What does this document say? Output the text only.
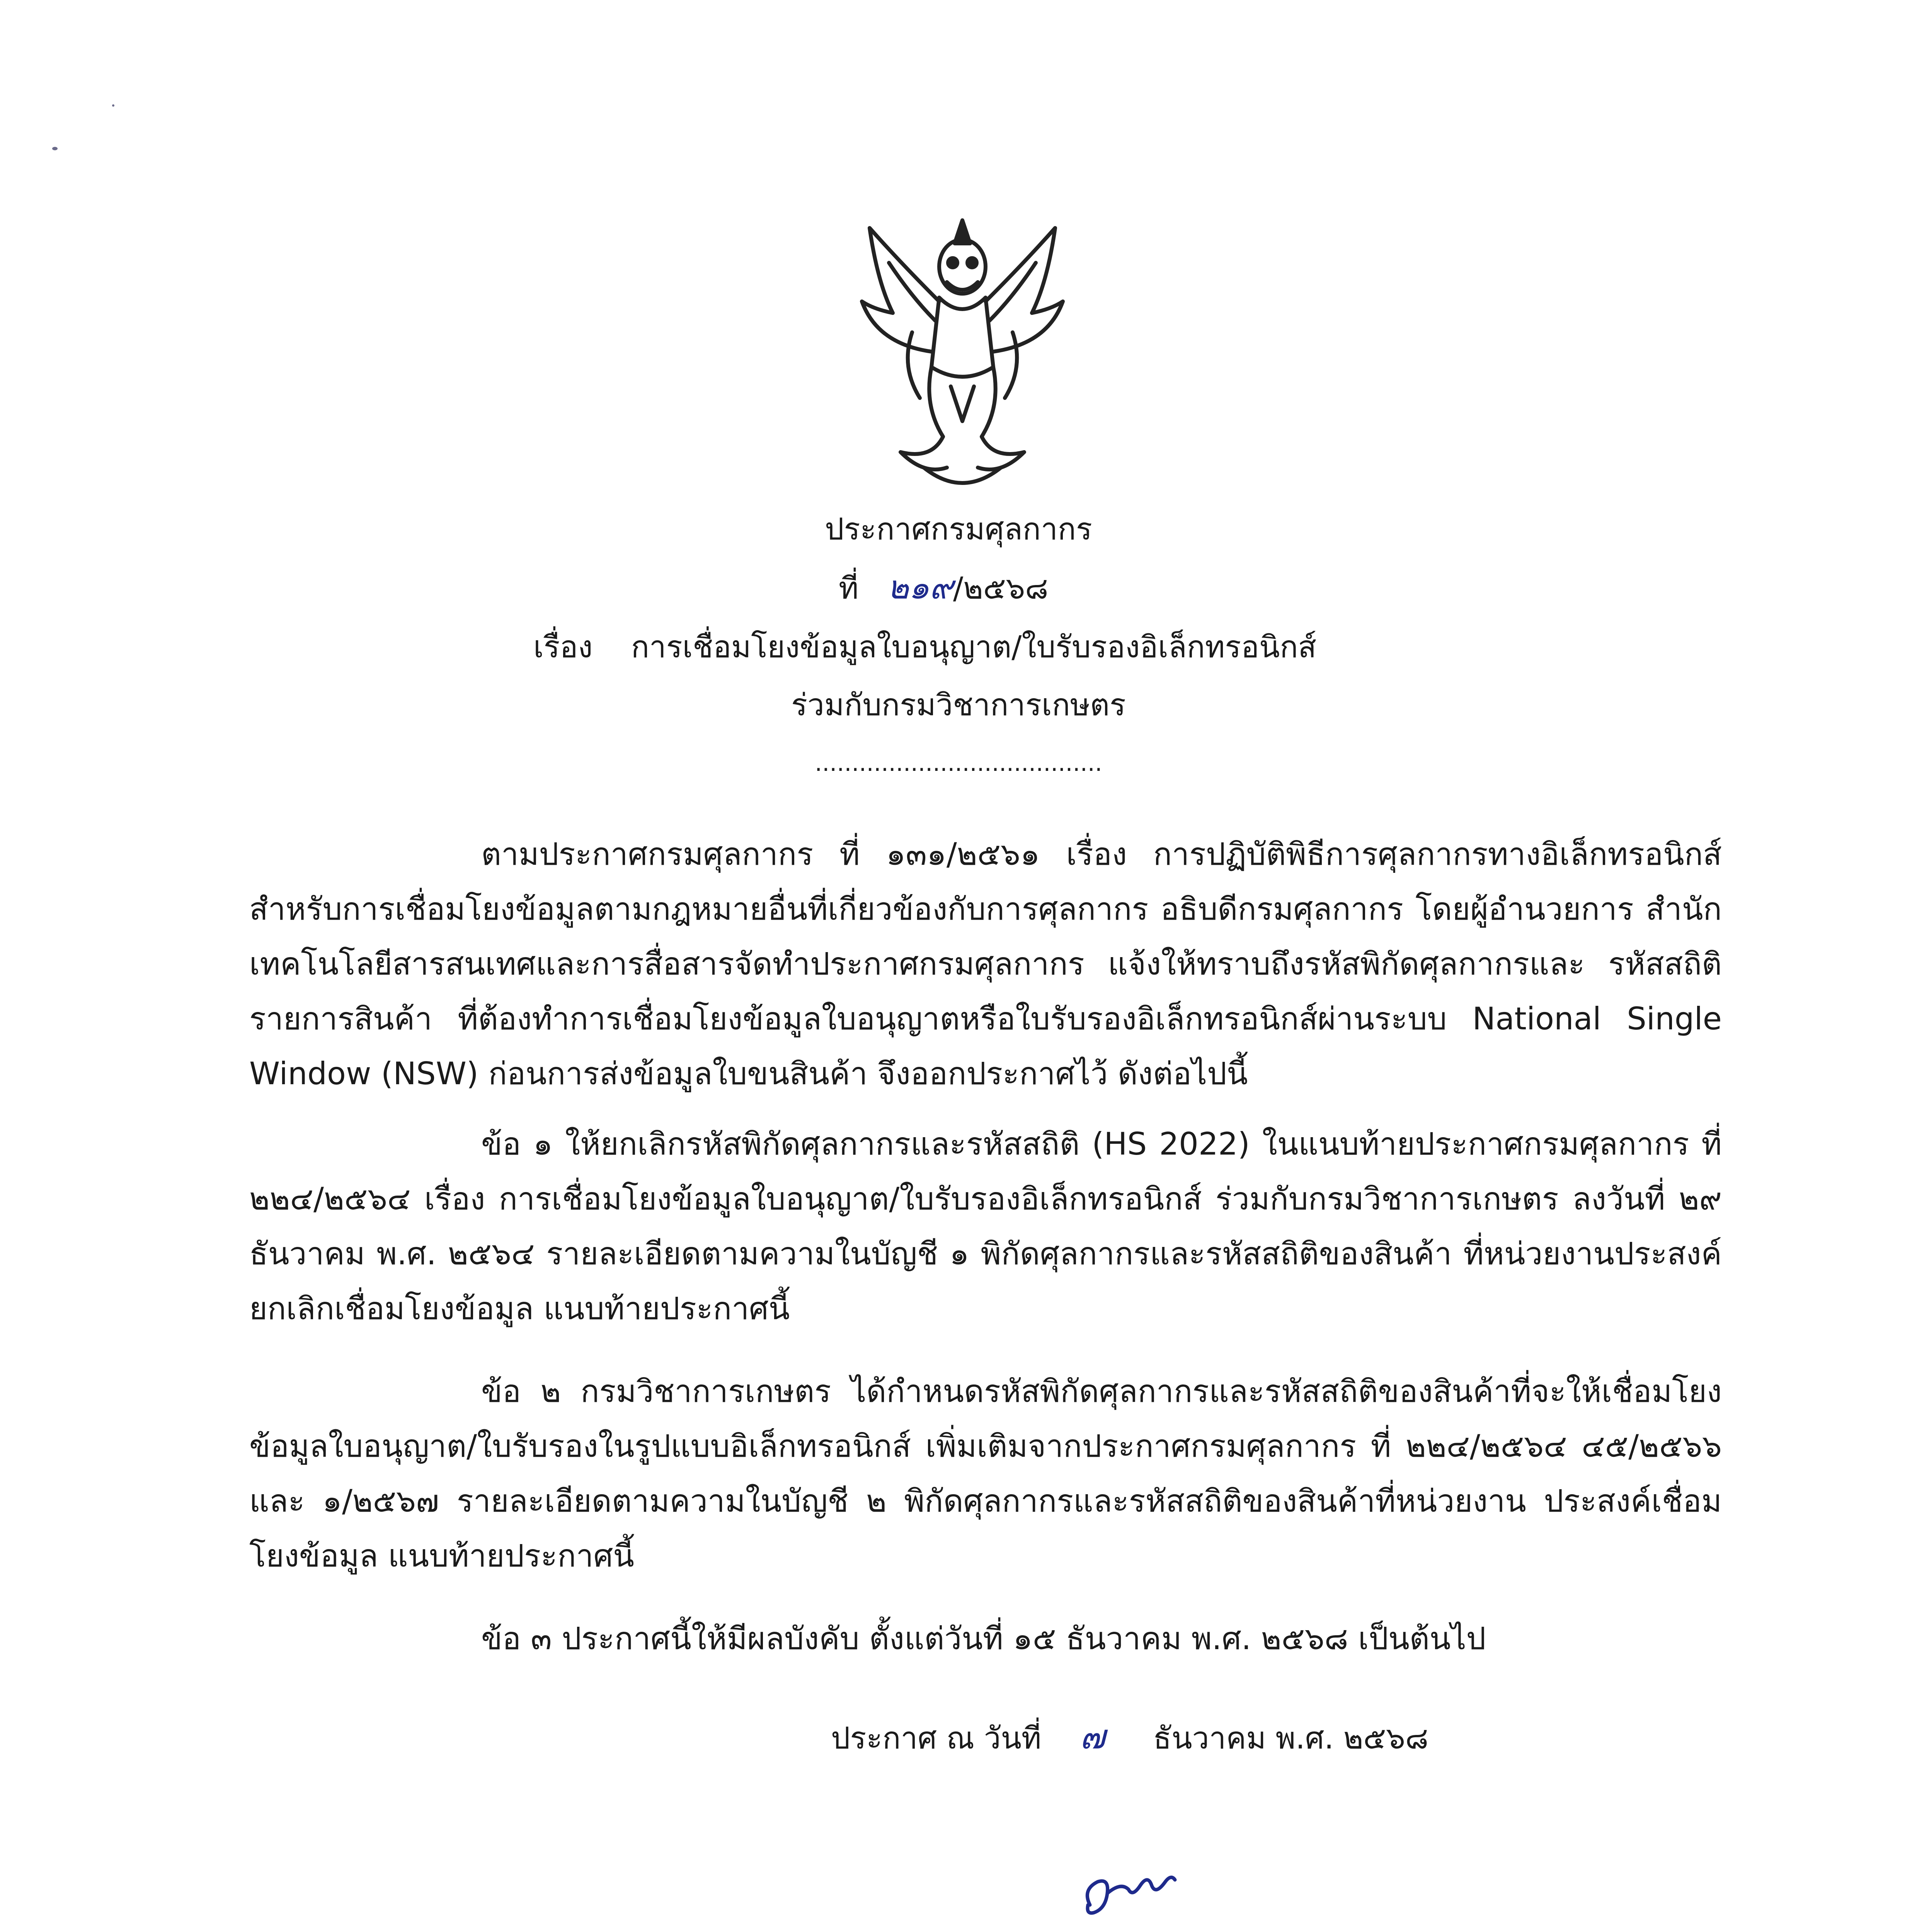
ประกาศกรมศุลกากร
ที่ ๒๑๙/๒๕๖๘
เรื่อง การเชื่อมโยงข้อมูลใบอนุญาต/ใบรับรองอิเล็กทรอนิกส์
ร่วมกับกรมวิชาการเกษตร
.......................................
ตามประกาศกรมศุลกากร ที่ ๑๓๑/๒๕๖๑ เรื่อง การปฏิบัติพิธีการศุลกากรทางอิเล็กทรอนิกส์ สำหรับการเชื่อมโยงข้อมูลตามกฎหมายอื่นที่เกี่ยวข้องกับการศุลกากร อธิบดีกรมศุลกากร โดยผู้อำนวยการ สำนักเทคโนโลยีสารสนเทศและการสื่อสารจัดทำประกาศกรมศุลกากร แจ้งให้ทราบถึงรหัสพิกัดศุลกากรและ รหัสสถิติ รายการสินค้า ที่ต้องทำการเชื่อมโยงข้อมูลใบอนุญาตหรือใบรับรองอิเล็กทรอนิกส์ผ่านระบบ National Single Window (NSW) ก่อนการส่งข้อมูลใบขนสินค้า จึงออกประกาศไว้ ดังต่อไปนี้
ข้อ ๑ ให้ยกเลิกรหัสพิกัดศุลกากรและรหัสสถิติ (HS 2022) ในแนบท้ายประกาศกรมศุลกากร ที่ ๒๒๔/๒๕๖๔ เรื่อง การเชื่อมโยงข้อมูลใบอนุญาต/ใบรับรองอิเล็กทรอนิกส์ ร่วมกับกรมวิชาการเกษตร ลงวันที่ ๒๙ ธันวาคม พ.ศ. ๒๕๖๔ รายละเอียดตามความในบัญชี ๑ พิกัดศุลกากรและรหัสสถิติของสินค้า ที่หน่วยงานประสงค์ยกเลิกเชื่อมโยงข้อมูล แนบท้ายประกาศนี้
ข้อ ๒ กรมวิชาการเกษตร ได้กำหนดรหัสพิกัดศุลกากรและรหัสสถิติของสินค้าที่จะให้เชื่อมโยง ข้อมูลใบอนุญาต/ใบรับรองในรูปแบบอิเล็กทรอนิกส์ เพิ่มเติมจากประกาศกรมศุลกากร ที่ ๒๒๔/๒๕๖๔ ๔๕/๒๕๖๖ และ ๑/๒๕๖๗ รายละเอียดตามความในบัญชี ๒ พิกัดศุลกากรและรหัสสถิติของสินค้าที่หน่วยงาน ประสงค์เชื่อมโยงข้อมูล แนบท้ายประกาศนี้
ข้อ ๓ ประกาศนี้ให้มีผลบังคับ ตั้งแต่วันที่ ๑๕ ธันวาคม พ.ศ. ๒๕๖๘ เป็นต้นไป
ประกาศ ณ วันที่ ๗ ธันวาคม พ.ศ. ๒๕๖๘
